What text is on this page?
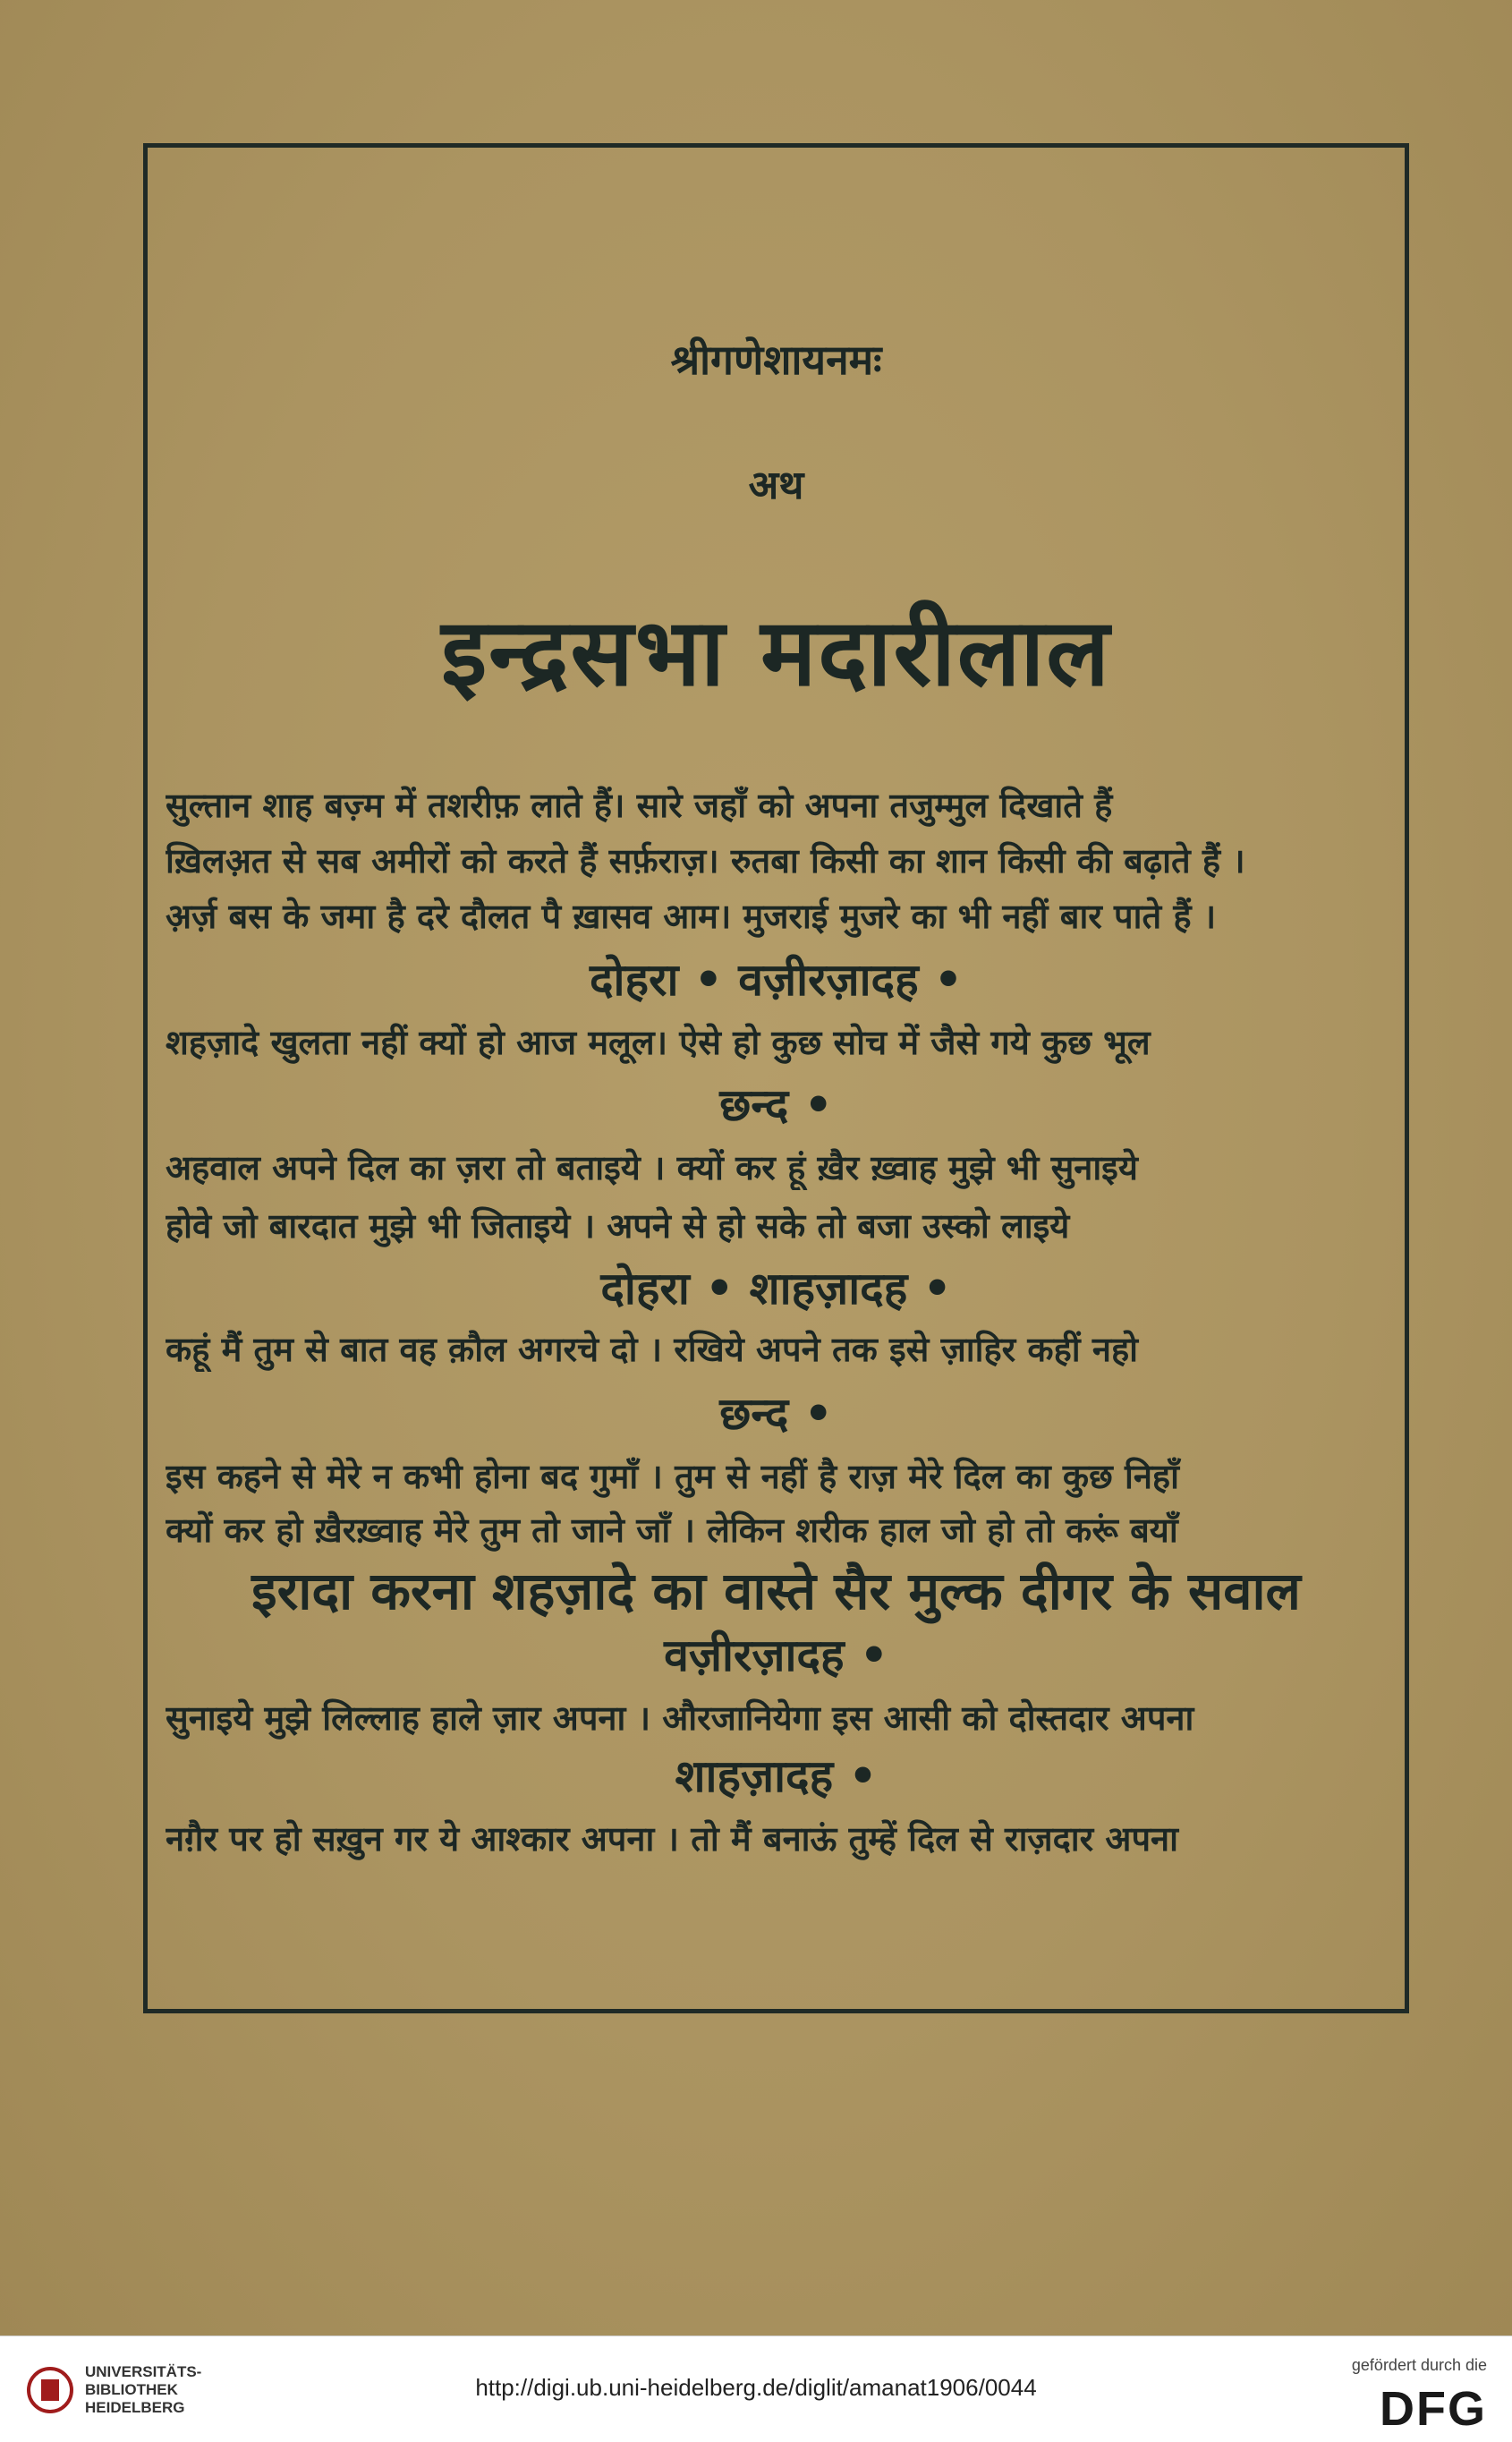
श्रीगणेशायनमः
अथ
इन्द्रसभा मदारीलाल
सुल्तान शाह बज़्म में तशरीफ़ लाते हैं। सारे जहाँ को अपना तजुम्मुल दिखाते हैं
ख़िलअ़त से सब अमीरों को करते हैं सर्फ़राज़। रुतबा किसी का शान किसी की बढ़ाते हैं ।
अ़र्ज़ बस के जमा है दरे दौलत पै ख़ासव आम। मुजराई मुजरे का भी नहीं बार पाते हैं ।
दोहरा • वज़ीरज़ादह •
शहज़ादे खुलता नहीं क्यों हो आज मलूल। ऐसे हो कुछ सोच में जैसे गये कुछ भूल
छन्द •
अहवाल अपने दिल का ज़रा तो बताइये । क्यों कर हूं ख़ैर ख़्वाह मुझे भी सुनाइये
होवे जो बारदात मुझे भी जिताइये । अपने से हो सके तो बजा उस्को लाइये
दोहरा • शाहज़ादह •
कहूं मैं तुम से बात वह क़ौल अगरचे दो । रखिये अपने तक इसे ज़ाहिर कहीं नहो
छन्द •
इस कहने से मेरे न कभी होना बद गुमाँ । तुम से नहीं है राज़ मेरे दिल का कुछ निहाँ
क्यों कर हो ख़ैरख़्वाह मेरे तुम तो जाने जाँ । लेकिन शरीक हाल जो हो तो करूं बयाँ
इरादा करना शहज़ादे का वास्ते सैर मुल्क दीगर के सवाल
वज़ीरज़ादह •
सुनाइये मुझे लिल्लाह हाले ज़ार अपना । औरजानियेगा इस आसी को दोस्तदार अपना
शाहज़ादह •
नग़ैर पर हो सख़ुन गर ये आश्कार अपना । तो मैं बनाऊं तुम्हें दिल से राज़दार अपना
UNIVERSITÄTS-
BIBLIOTHEK
HEIDELBERG
http://digi.ub.uni-heidelberg.de/diglit/amanat1906/0044
gefördert durch die
DFG
